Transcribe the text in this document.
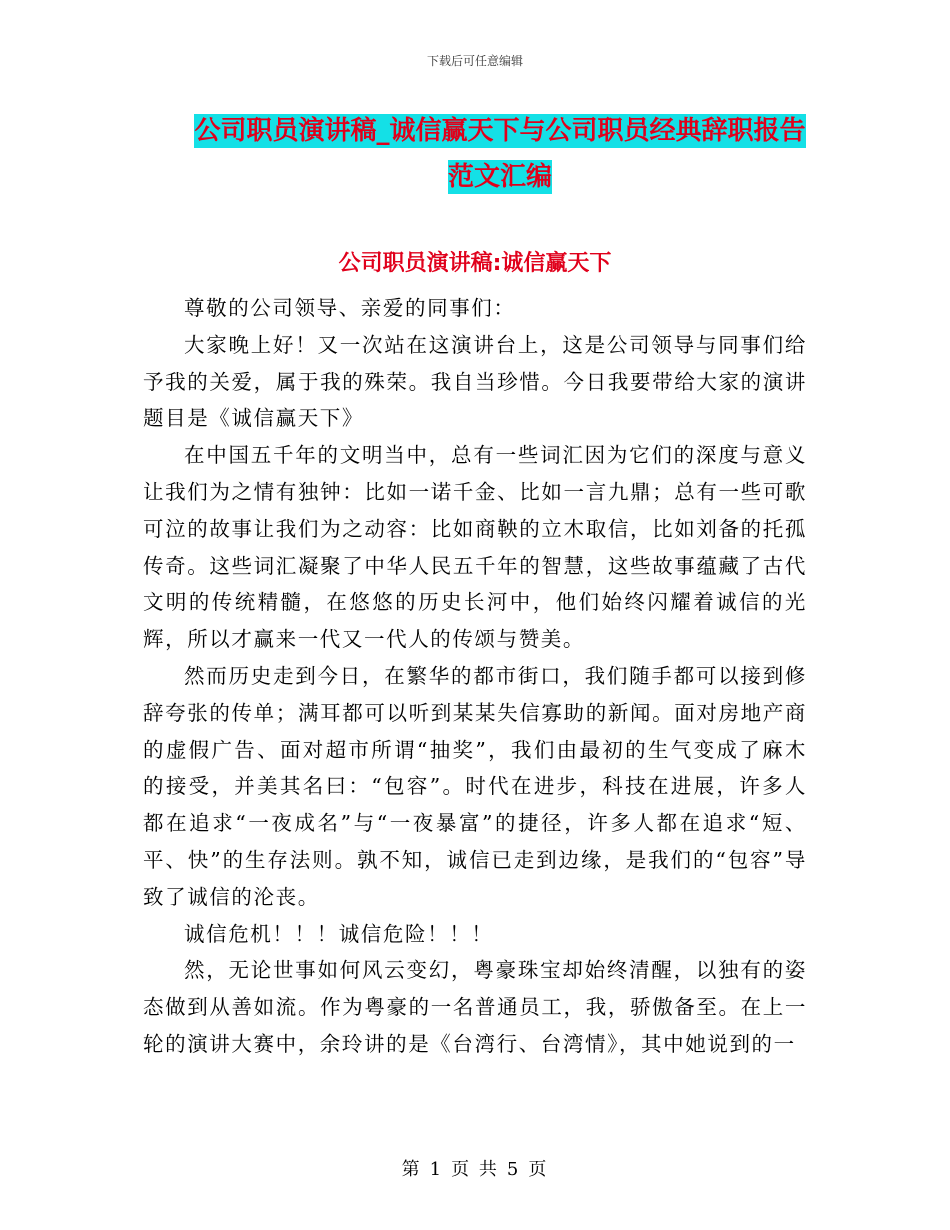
下载后可任意编辑
公司职员演讲稿_诚信赢天下与公司职员经典辞职报告
范文汇编
公司职员演讲稿:诚信赢天下

尊敬的公司领导、亲爱的同事们：

大家晚上好！又一次站在这演讲台上，这是公司领导与同事们给予我的关爱，属于我的殊荣。我自当珍惜。今日我要带给大家的演讲题目是《诚信赢天下》

在中国五千年的文明当中，总有一些词汇因为它们的深度与意义让我们为之情有独钟：比如一诺千金、比如一言九鼎；总有一些可歌可泣的故事让我们为之动容：比如商鞅的立木取信，比如刘备的托孤传奇。这些词汇凝聚了中华人民五千年的智慧，这些故事蕴藏了古代文明的传统精髓，在悠悠的历史长河中，他们始终闪耀着诚信的光辉，所以才赢来一代又一代人的传颂与赞美。

然而历史走到今日，在繁华的都市街口，我们随手都可以接到修辞夸张的传单；满耳都可以听到某某失信寡助的新闻。面对房地产商的虚假广告、面对超市所谓“抽奖”，我们由最初的生气变成了麻木的接受，并美其名曰：“包容”。时代在进步，科技在进展，许多人都在追求“一夜成名”与“一夜暴富”的捷径，许多人都在追求“短、平、快”的生存法则。孰不知，诚信已走到边缘，是我们的“包容”导致了诚信的沦丧。

诚信危机！！！诚信危险！！！

然，无论世事如何风云变幻，粤豪珠宝却始终清醒，以独有的姿态做到从善如流。作为粤豪的一名普通员工，我，骄傲备至。在上一轮的演讲大赛中，余玲讲的是《台湾行、台湾情》，其中她说到的一

第 1 页 共 5 页
